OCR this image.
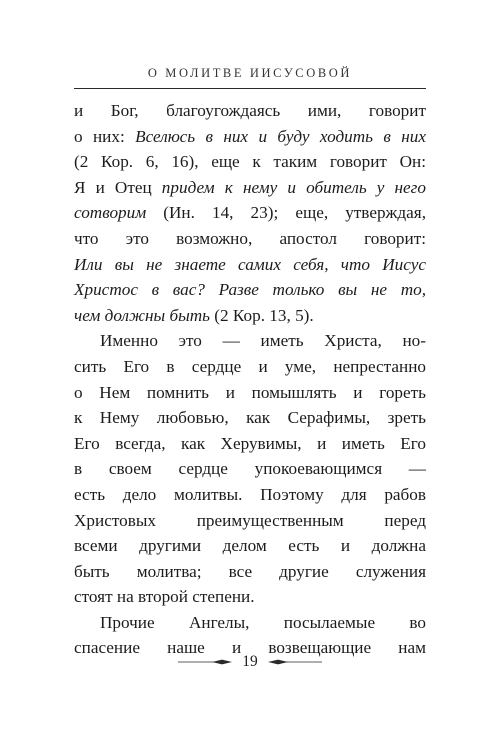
О МОЛИТВЕ ИИСУСОВОЙ
и Бог, благоугождаясь ими, говорит
о них: Вселюсь в них и буду ходить в них
(2 Кор. 6, 16), еще к таким говорит Он:
Я и Отец придем к нему и обитель у него
сотворим (Ин. 14, 23); еще, утверждая,
что это возможно, апостол говорит:
Или вы не знаете самих себя, что Иисус
Христос в вас? Разве только вы не то,
чем должны быть (2 Кор. 13, 5).
Именно это — иметь Христа, но-
сить Его в сердце и уме, непрестанно
о Нем помнить и помышлять и гореть
к Нему любовью, как Серафимы, зреть
Его всегда, как Херувимы, и иметь Его
в своем сердце упокоевающимся —
есть дело молитвы. Поэтому для рабов
Христовых преимущественным перед
всеми другими делом есть и должна
быть молитва; все другие служения
стоят на второй степени.
Прочие Ангелы, посылаемые во
спасение наше и возвещающие нам
19
